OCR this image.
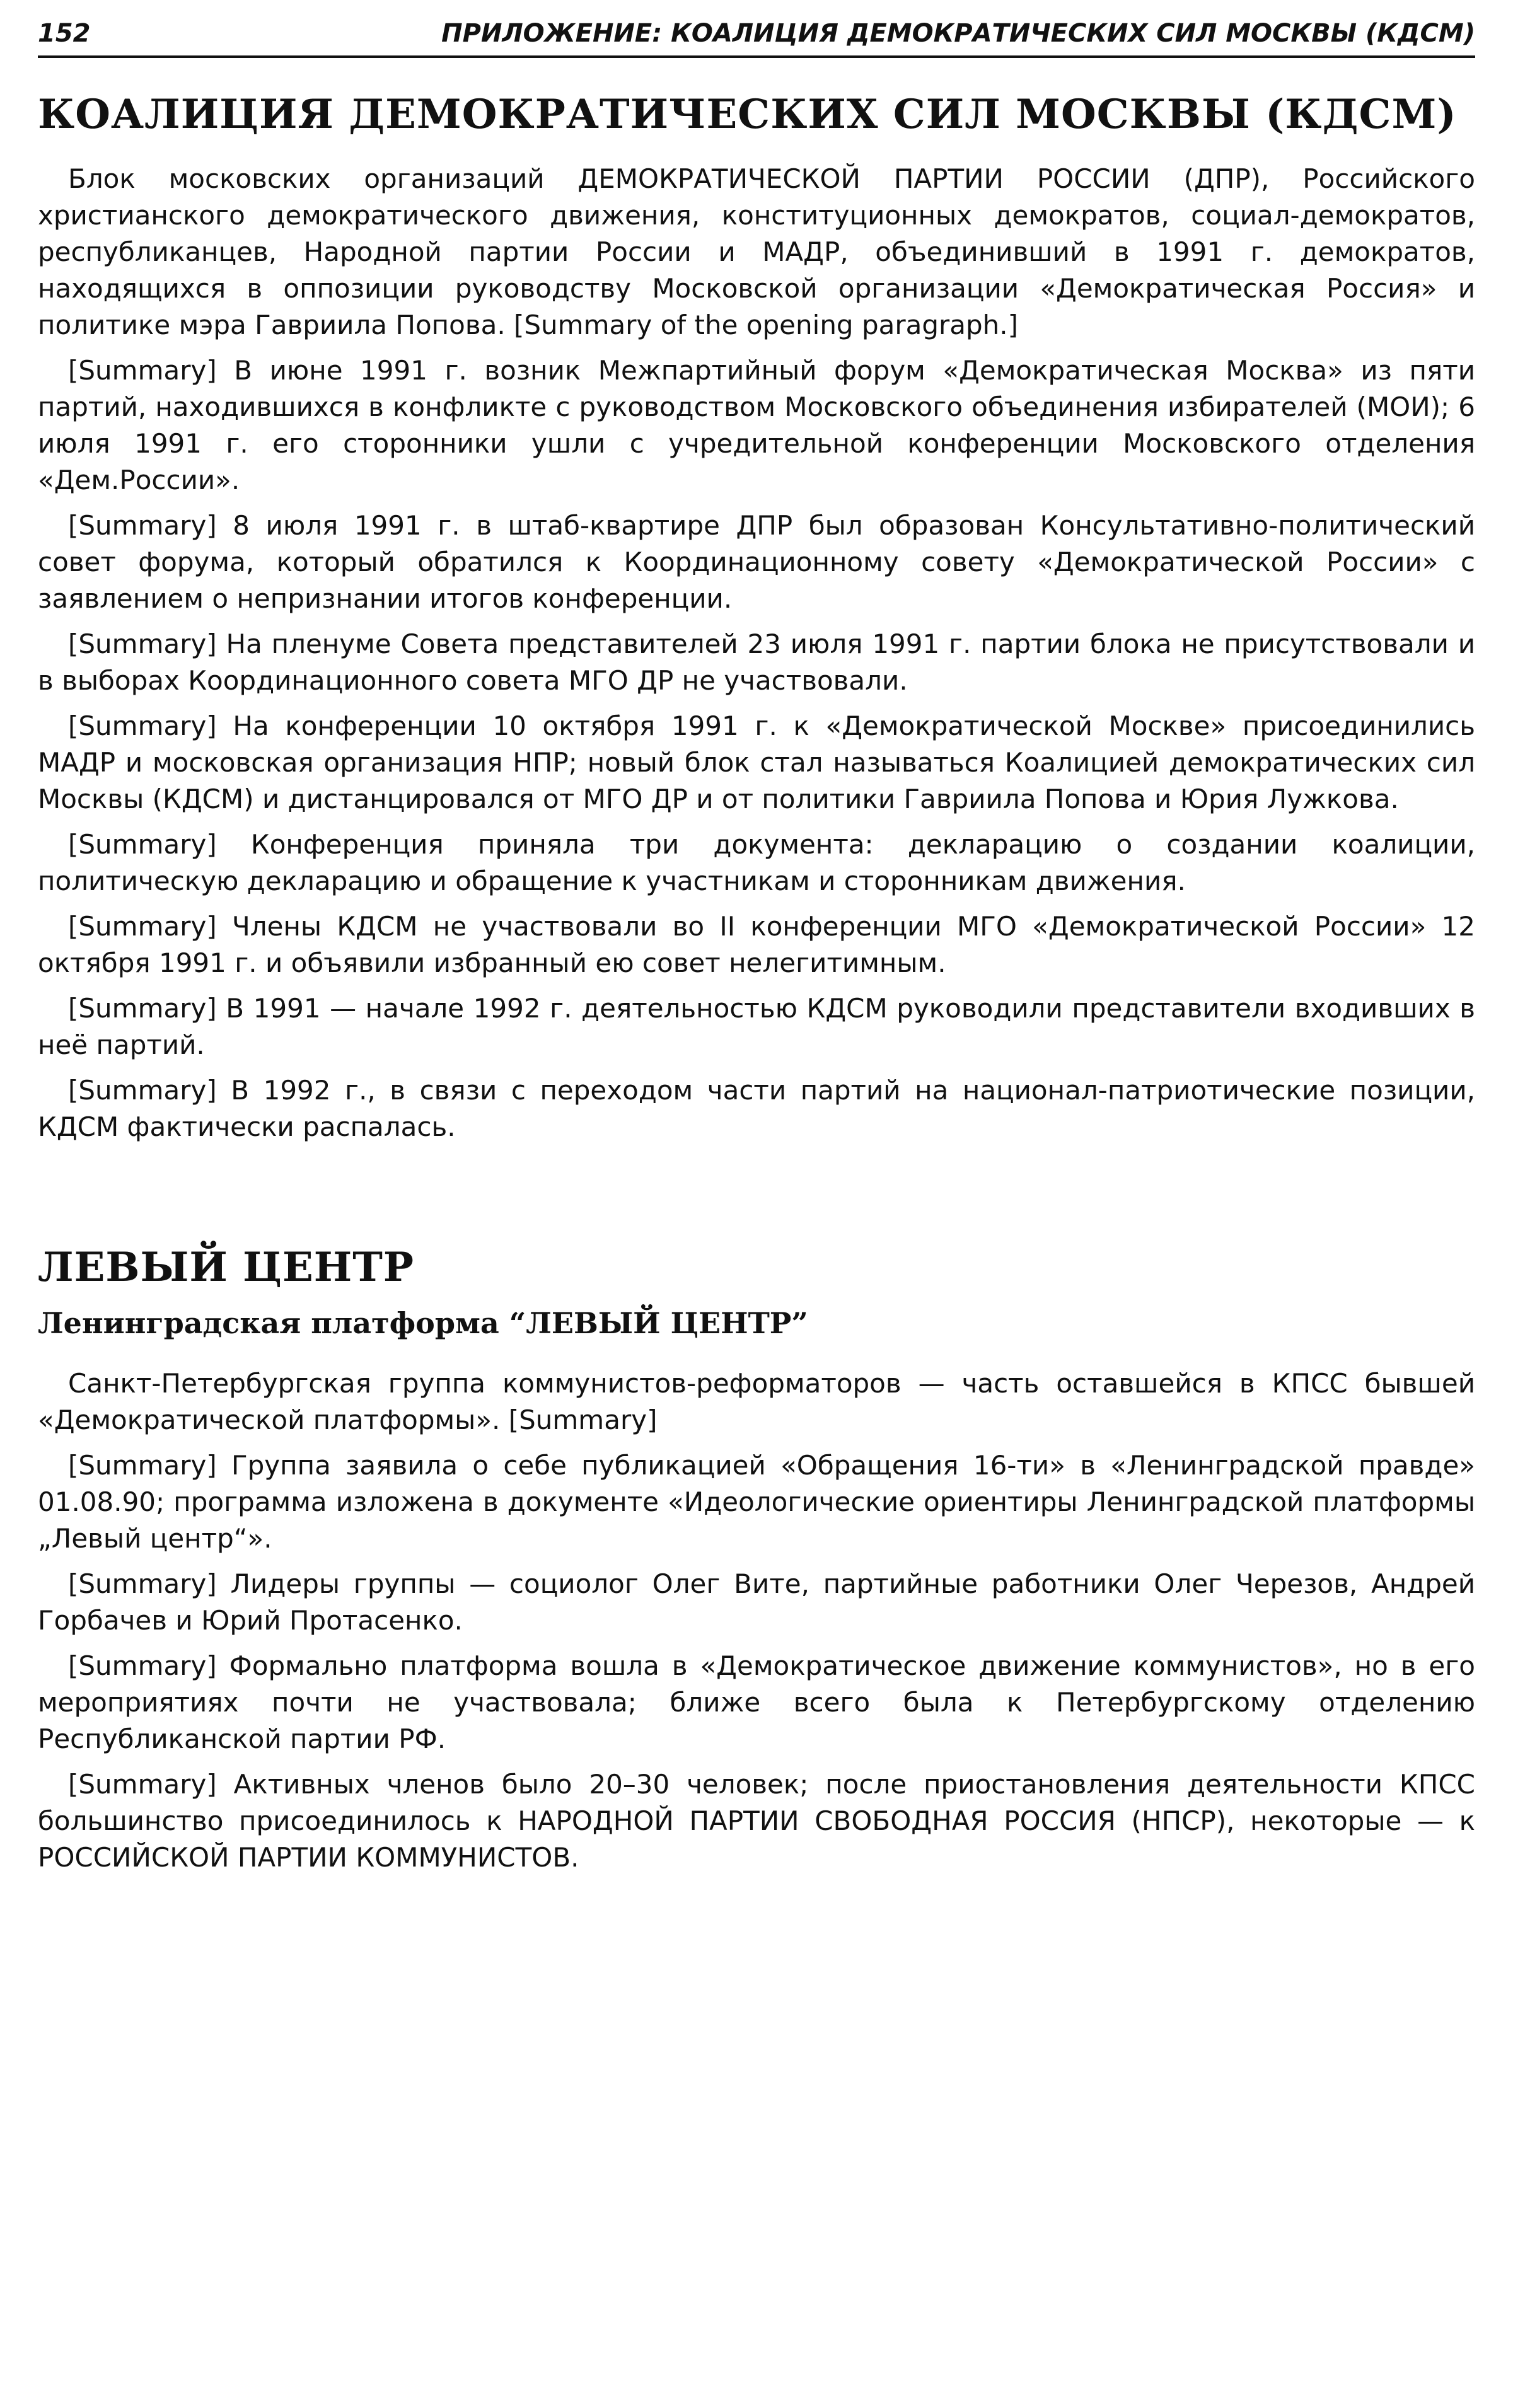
152	ПРИЛОЖЕНИЕ: КОАЛИЦИЯ ДЕМОКРАТИЧЕСКИХ СИЛ МОСКВЫ (КДСМ)
КОАЛИЦИЯ ДЕМОКРАТИЧЕСКИХ СИЛ МОСКВЫ (КДСМ)

Блок московских организаций ДЕМОКРАТИЧЕСКОЙ ПАРТИИ РОССИИ (ДПР), Российского христианского демократического движения, конституционных демократов, социал-демократов, республиканцев, Народной партии России и МАДР, объединивший в 1991 г. демократов, находящихся в оппозиции руководству Московской организации «Демократическая Россия» и политике мэра Гавриила Попова. [Summary of the opening paragraph.]

[Summary] В июне 1991 г. возник Межпартийный форум «Демократическая Москва» из пяти партий, находившихся в конфликте с руководством Московского объединения избирателей (МОИ); 6 июля 1991 г. его сторонники ушли с учредительной конференции Московского отделения «Дем.России».

[Summary] 8 июля 1991 г. в штаб-квартире ДПР был образован Консультативно-политический совет форума, который обратился к Координационному совету «Демократической России» с заявлением о непризнании итогов конференции.

[Summary] На пленуме Совета представителей 23 июля 1991 г. партии блока не присутствовали и в выборах Координационного совета МГО ДР не участвовали.

[Summary] На конференции 10 октября 1991 г. к «Демократической Москве» присоединились МАДР и московская организация НПР; новый блок стал называться Коалицией демократических сил Москвы (КДСМ) и дистанцировался от МГО ДР и от политики Гавриила Попова и Юрия Лужкова.

[Summary] Конференция приняла три документа: декларацию о создании коалиции, политическую декларацию и обращение к участникам и сторонникам движения.

[Summary] Члены КДСМ не участвовали во II конференции МГО «Демократической России» 12 октября 1991 г. и объявили избранный ею совет нелегитимным.

[Summary] В 1991 — начале 1992 г. деятельностью КДСМ руководили представители входивших в неё партий.

[Summary] В 1992 г., в связи с переходом части партий на национал-патриотические позиции, КДСМ фактически распалась.

ЛЕВЫЙ ЦЕНТР
Ленинградская платформа “ЛЕВЫЙ ЦЕНТР”

Санкт-Петербургская группа коммунистов-реформаторов — часть оставшейся в КПСС бывшей «Демократической платформы». [Summary]

[Summary] Группа заявила о себе публикацией «Обращения 16-ти» в «Ленинградской правде» 01.08.90; программа изложена в документе «Идеологические ориентиры Ленинградской платформы „Левый центр“».

[Summary] Лидеры группы — социолог Олег Вите, партийные работники Олег Черезов, Андрей Горбачев и Юрий Протасенко.

[Summary] Формально платформа вошла в «Демократическое движение коммунистов», но в его мероприятиях почти не участвовала; ближе всего была к Петербургскому отделению Республиканской партии РФ.

[Summary] Активных членов было 20–30 человек; после приостановления деятельности КПСС большинство присоединилось к НАРОДНОЙ ПАРТИИ СВОБОДНАЯ РОССИЯ (НПСР), некоторые — к РОССИЙСКОЙ ПАРТИИ КОММУНИСТОВ.
